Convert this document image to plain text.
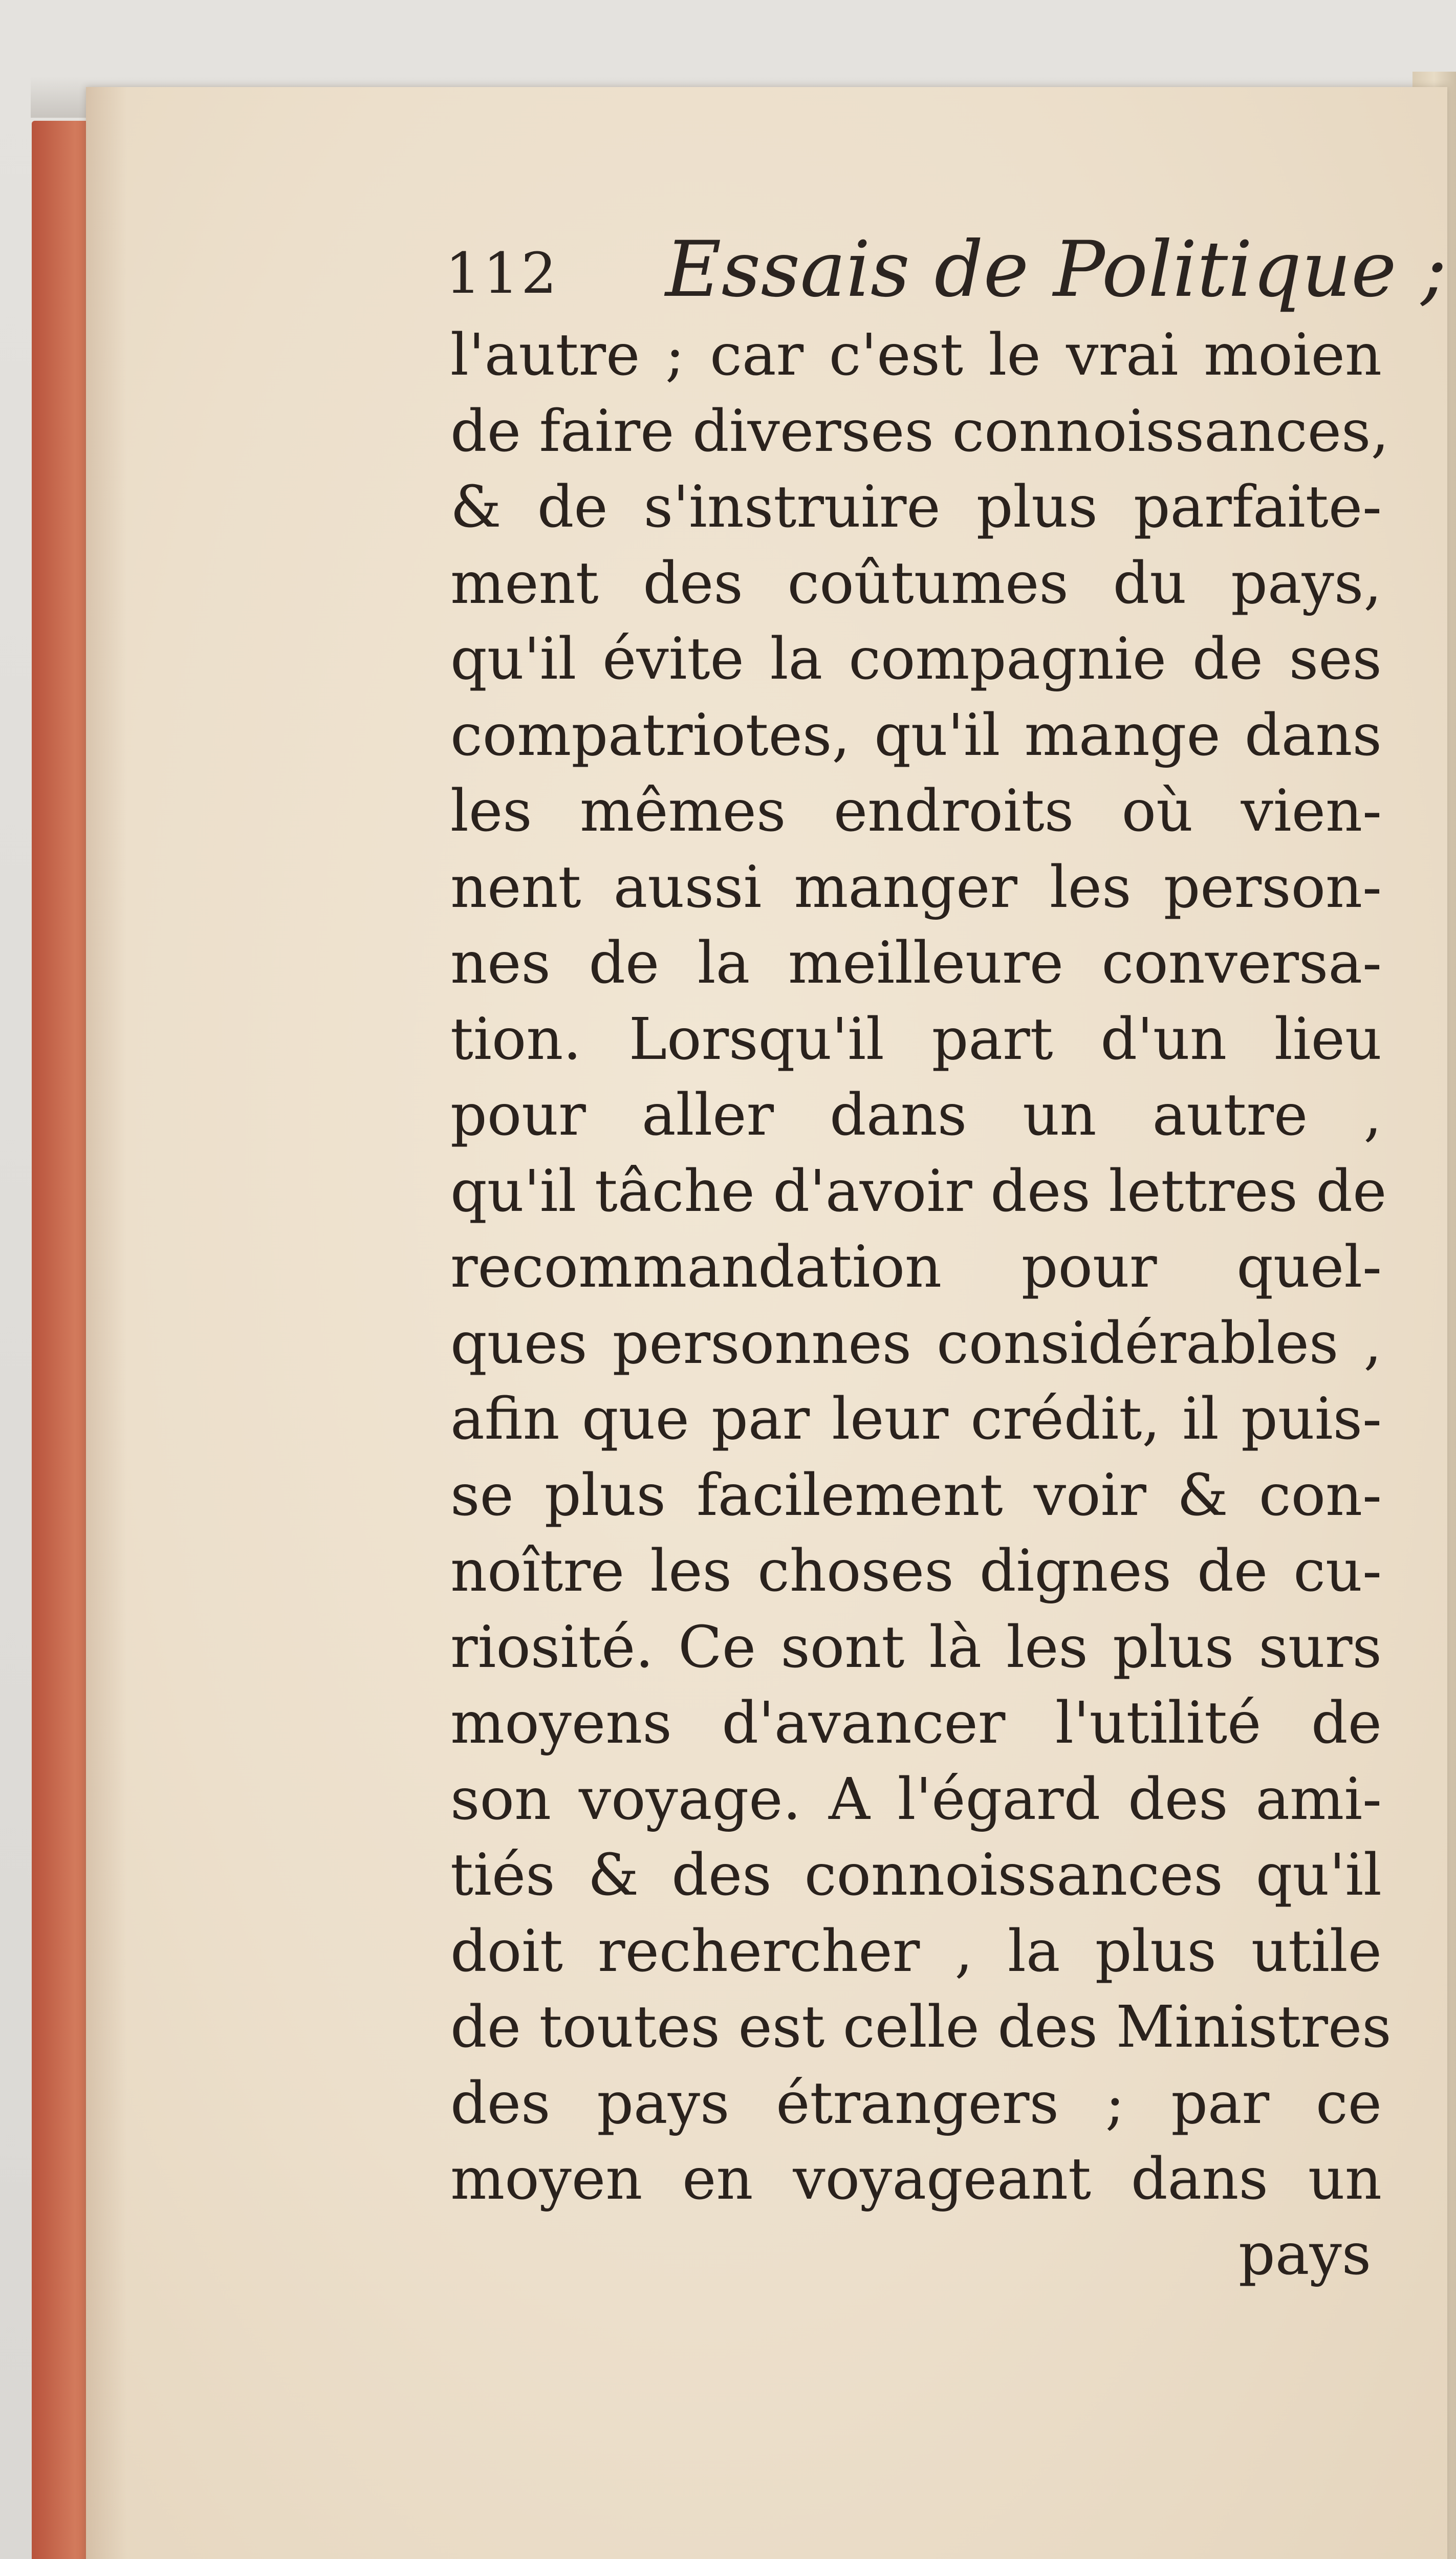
112 Essais de Politique ;
l'autre ; car c'est le vrai moien
de faire diverses connoissances,
& de s'instruire plus parfaite-
ment des coûtumes du pays,
qu'il évite la compagnie de ses
compatriotes, qu'il mange dans
les mêmes endroits où vien-
nent aussi manger les person-
nes de la meilleure conversa-
tion. Lorsqu'il part d'un lieu
pour aller dans un autre ,
qu'il tâche d'avoir des lettres de
recommandation pour quel-
ques personnes considérables ,
afin que par leur crédit, il puis-
se plus facilement voir & con-
noître les choses dignes de cu-
riosité. Ce sont là les plus surs
moyens d'avancer l'utilité de
son voyage. A l'égard des ami-
tiés & des connoissances qu'il
doit rechercher , la plus utile
de toutes est celle des Ministres
des pays étrangers ; par ce
moyen en voyageant dans un
pays
